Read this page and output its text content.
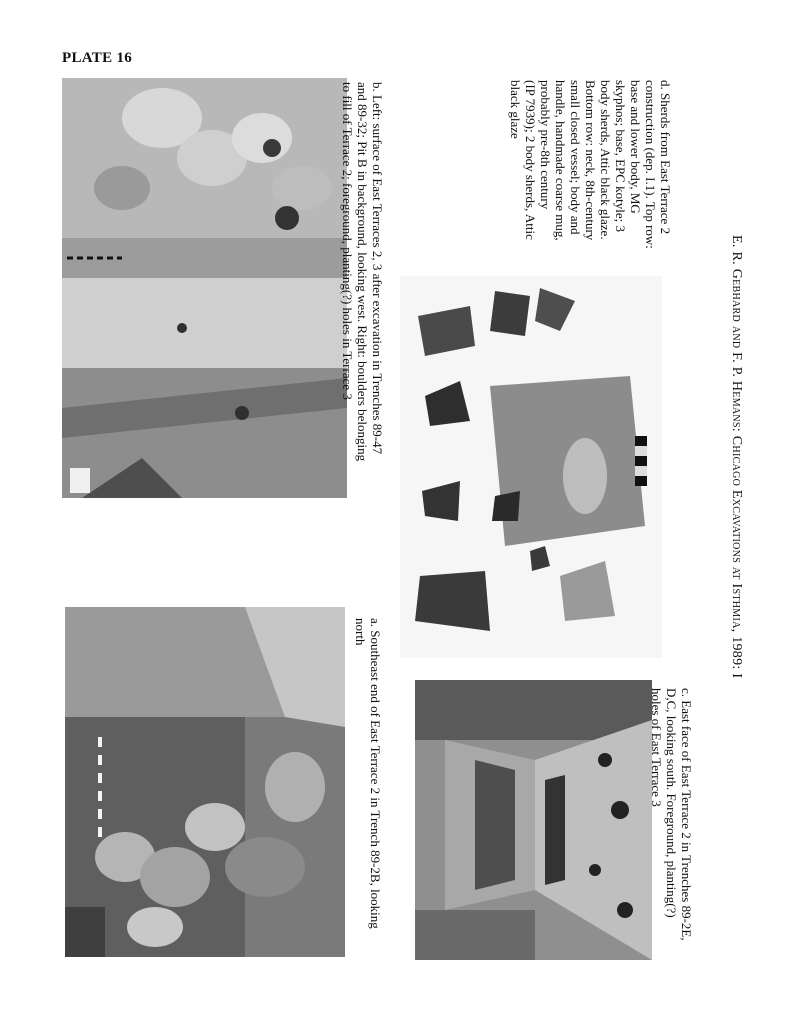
PLATE 16
b. Left: surface of East Terraces 2, 3 after excavation in Trenches 89-47
and 89-32; Pit B in background, looking west. Right: boulders belonging
to fill of Terrace 2; foreground, planting(?) holes in Terrace 3
a. Southeast end of East Terrace 2 in Trench 89-2B, looking
north
d. Sherds from East Terrace 2
construction (dep. I.1). Top row:
base and lower body, MG
skyphos; base, EPC kotyle; 3
body sherds, Attic black glaze.
Bottom row: neck, 8th-century
small closed vessel; body and
handle, handmade coarse mug,
probably pre-8th century
(IP 7939); 2 body sherds, Attic
black glaze
c. East face of East Terrace 2 in Trenches 89-2E,
D,C, looking south. Foreground, planting(?)
holes of East Terrace 3
E. R. Gebhard and F. P. Hemans: Chicago Excavations at Isthmia, 1989: I
